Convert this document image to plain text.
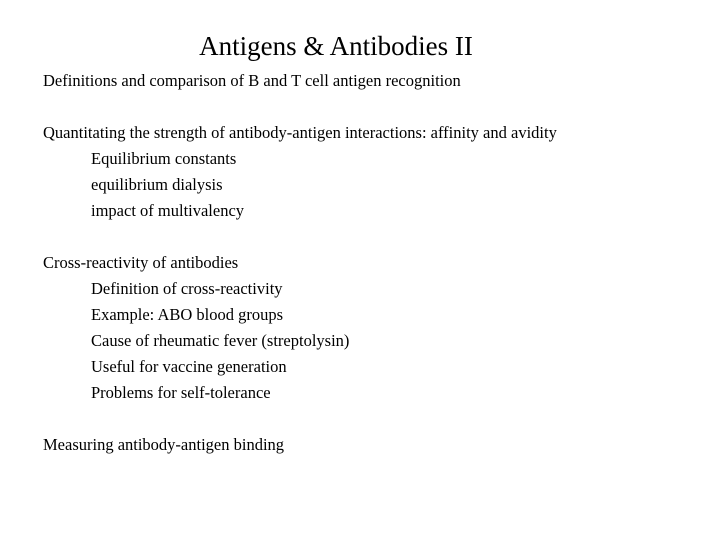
Antigens & Antibodies II
Definitions and comparison of B and T cell antigen recognition
Quantitating the strength of antibody-antigen interactions: affinity and avidity
Equilibrium constants
equilibrium dialysis
impact of multivalency
Cross-reactivity of antibodies
Definition of cross-reactivity
Example: ABO blood groups
Cause of rheumatic fever (streptolysin)
Useful for vaccine generation
Problems for self-tolerance
Measuring antibody-antigen binding
